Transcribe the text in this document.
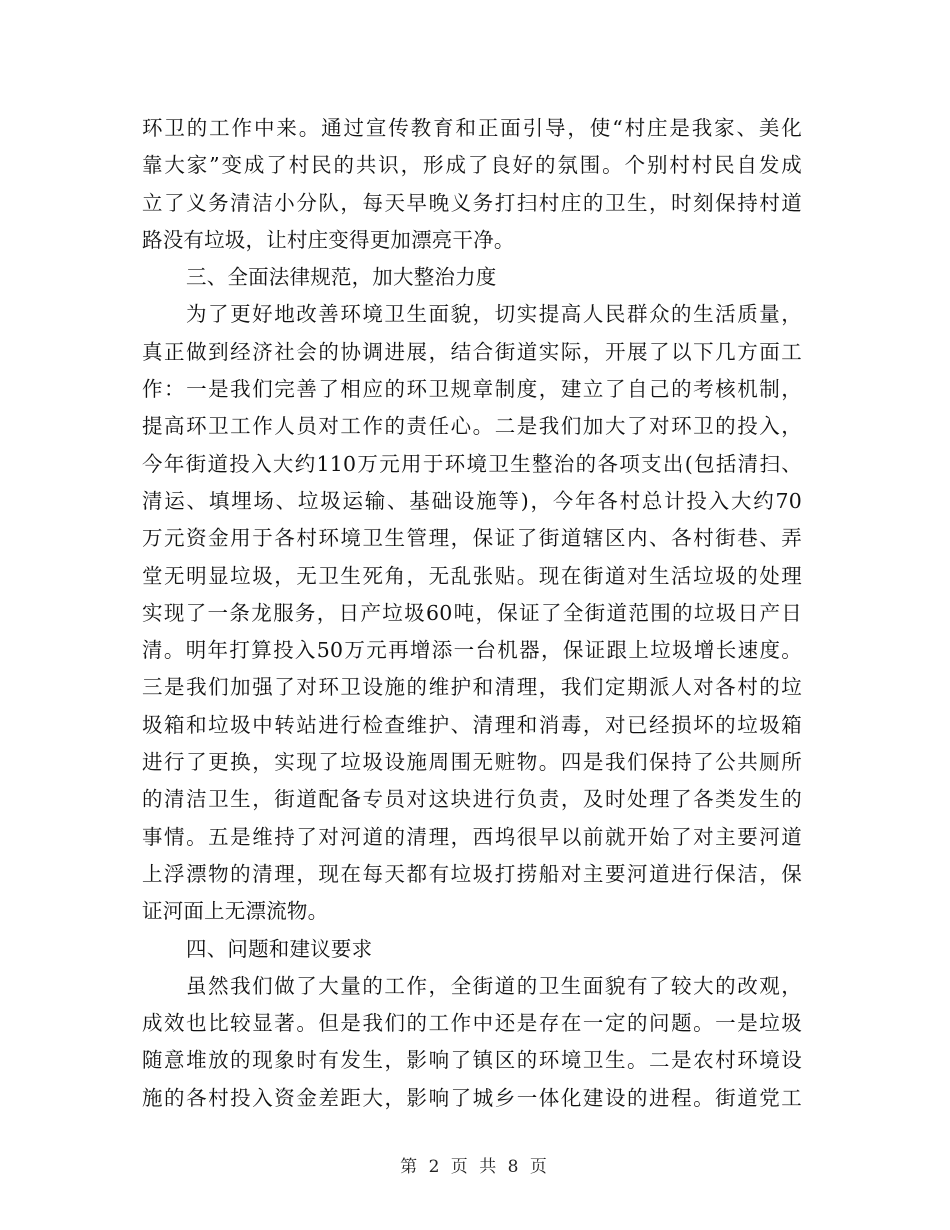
环卫的工作中来。通过宣传教育和正面引导，使“村庄是我家、美化
靠大家”变成了村民的共识，形成了良好的氛围。个别村村民自发成
立了义务清洁小分队，每天早晚义务打扫村庄的卫生，时刻保持村道
路没有垃圾，让村庄变得更加漂亮干净。
三、全面法律规范，加大整治力度
为了更好地改善环境卫生面貌，切实提高人民群众的生活质量，
真正做到经济社会的协调进展，结合街道实际，开展了以下几方面工
作：一是我们完善了相应的环卫规章制度，建立了自己的考核机制，
提高环卫工作人员对工作的责任心。二是我们加大了对环卫的投入，
今年街道投入大约110万元用于环境卫生整治的各项支出(包括清扫、
清运、填埋场、垃圾运输、基础设施等)，今年各村总计投入大约70
万元资金用于各村环境卫生管理，保证了街道辖区内、各村街巷、弄
堂无明显垃圾，无卫生死角，无乱张贴。现在街道对生活垃圾的处理
实现了一条龙服务，日产垃圾60吨，保证了全街道范围的垃圾日产日
清。明年打算投入50万元再增添一台机器，保证跟上垃圾增长速度。
三是我们加强了对环卫设施的维护和清理，我们定期派人对各村的垃
圾箱和垃圾中转站进行检查维护、清理和消毒，对已经损坏的垃圾箱
进行了更换，实现了垃圾设施周围无赃物。四是我们保持了公共厕所
的清洁卫生，街道配备专员对这块进行负责，及时处理了各类发生的
事情。五是维持了对河道的清理，西坞很早以前就开始了对主要河道
上浮漂物的清理，现在每天都有垃圾打捞船对主要河道进行保洁，保
证河面上无漂流物。
四、问题和建议要求
虽然我们做了大量的工作，全街道的卫生面貌有了较大的改观，
成效也比较显著。但是我们的工作中还是存在一定的问题。一是垃圾
随意堆放的现象时有发生，影响了镇区的环境卫生。二是农村环境设
施的各村投入资金差距大，影响了城乡一体化建设的进程。街道党工
第 2 页 共 8 页
